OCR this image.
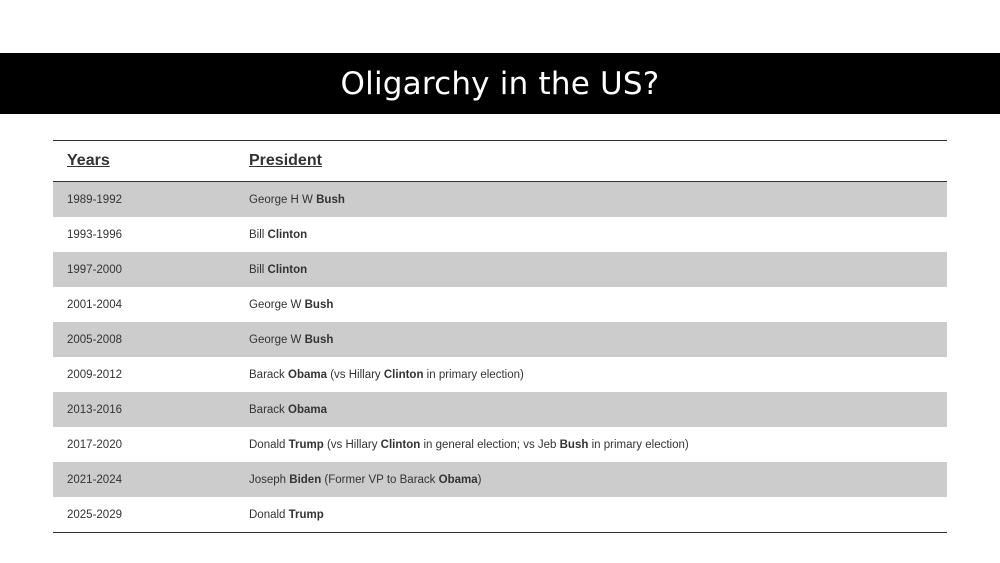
Oligarchy in the US?
Years	President
1989-1992	George H W Bush
1993-1996	Bill Clinton
1997-2000	Bill Clinton
2001-2004	George W Bush
2005-2008	George W Bush
2009-2012	Barack Obama (vs Hillary Clinton in primary election)
2013-2016	Barack Obama
2017-2020	Donald Trump (vs Hillary Clinton in general election; vs Jeb Bush in primary election)
2021-2024	Joseph Biden (Former VP to Barack Obama)
2025-2029	Donald Trump
